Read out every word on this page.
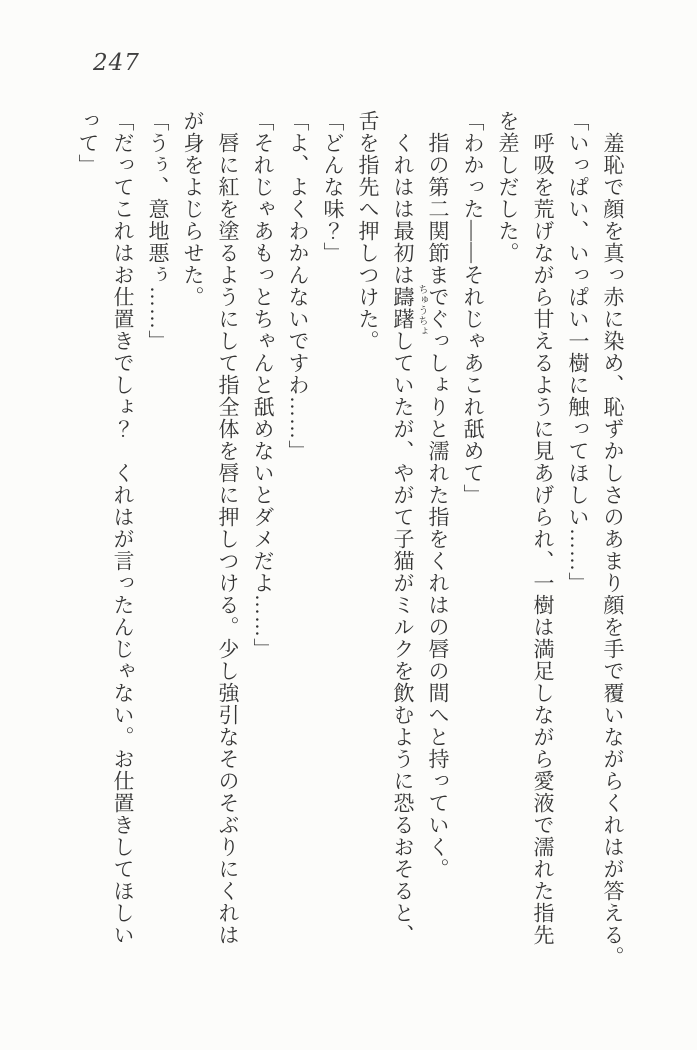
247

　羞恥で顔を真っ赤に染め、恥ずかしさのあまり顔を手で覆いながらくれはが答える。

「いっぱい、いっぱい一樹に触ってほしい……」

　呼吸を荒げながら甘えるように見あげられ、一樹は満足しながら愛液で濡れた指先

を差しだした。

「わかった――それじゃあこれ舐めて」

　指の第二関節までぐっしょりと濡れた指をくれはの唇の間へと持っていく。

　くれはは最初は躊躇 ちゅうちょ
していたが、やがて子猫がミルクを飲むように恐るおそると、

舌を指先へ押しつけた。

「どんな味？」

「よ、よくわかんないですわ……」

「それじゃあもっとちゃんと舐めないとダメだよ……」

　唇に紅を塗るようにして指全体を唇に押しつける。少し強引なそのそぶりにくれは

が身をよじらせた。

「うぅ、意地悪ぅ……」

「だってこれはお仕置きでしょ？　くれはが言ったんじゃない。お仕置きしてほしい

って」
